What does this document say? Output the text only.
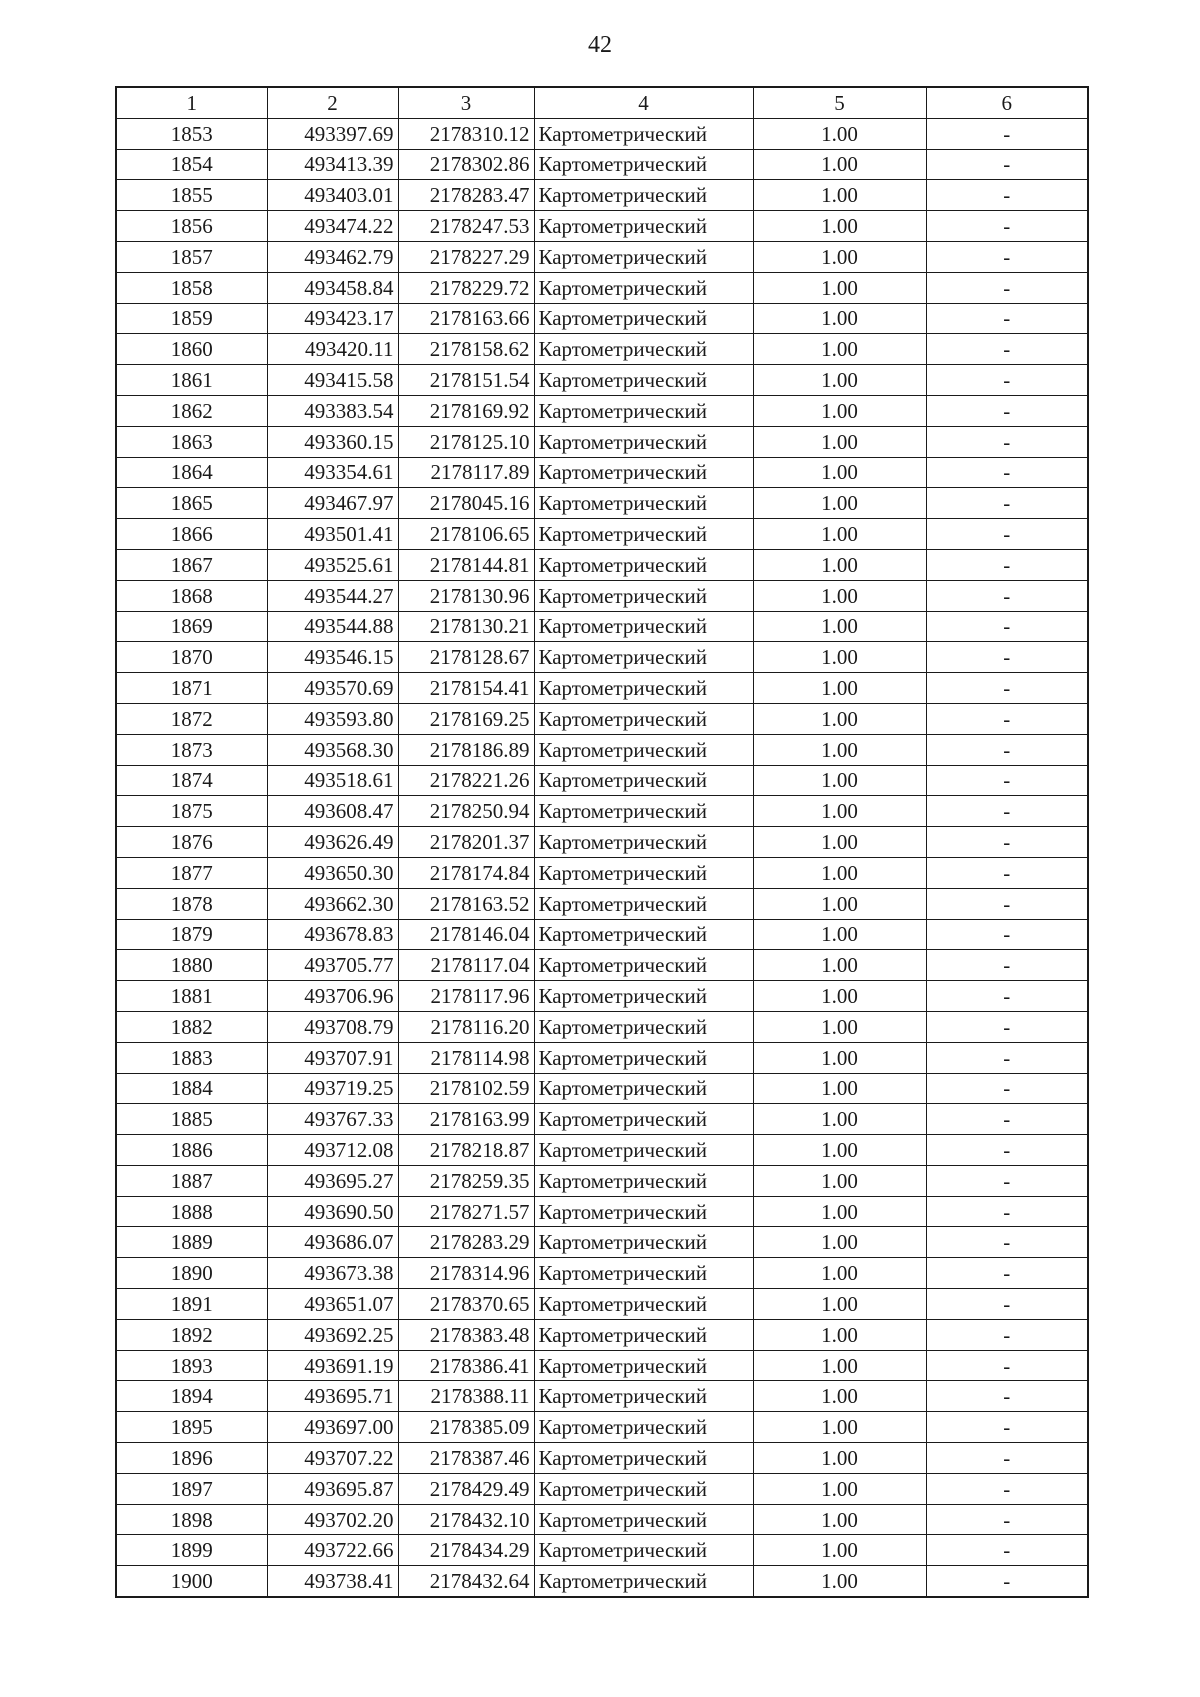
42
1	2	3	4	5	6
1853	493397.69	2178310.12	Картометрический	1.00	-
1854	493413.39	2178302.86	Картометрический	1.00	-
1855	493403.01	2178283.47	Картометрический	1.00	-
1856	493474.22	2178247.53	Картометрический	1.00	-
1857	493462.79	2178227.29	Картометрический	1.00	-
1858	493458.84	2178229.72	Картометрический	1.00	-
1859	493423.17	2178163.66	Картометрический	1.00	-
1860	493420.11	2178158.62	Картометрический	1.00	-
1861	493415.58	2178151.54	Картометрический	1.00	-
1862	493383.54	2178169.92	Картометрический	1.00	-
1863	493360.15	2178125.10	Картометрический	1.00	-
1864	493354.61	2178117.89	Картометрический	1.00	-
1865	493467.97	2178045.16	Картометрический	1.00	-
1866	493501.41	2178106.65	Картометрический	1.00	-
1867	493525.61	2178144.81	Картометрический	1.00	-
1868	493544.27	2178130.96	Картометрический	1.00	-
1869	493544.88	2178130.21	Картометрический	1.00	-
1870	493546.15	2178128.67	Картометрический	1.00	-
1871	493570.69	2178154.41	Картометрический	1.00	-
1872	493593.80	2178169.25	Картометрический	1.00	-
1873	493568.30	2178186.89	Картометрический	1.00	-
1874	493518.61	2178221.26	Картометрический	1.00	-
1875	493608.47	2178250.94	Картометрический	1.00	-
1876	493626.49	2178201.37	Картометрический	1.00	-
1877	493650.30	2178174.84	Картометрический	1.00	-
1878	493662.30	2178163.52	Картометрический	1.00	-
1879	493678.83	2178146.04	Картометрический	1.00	-
1880	493705.77	2178117.04	Картометрический	1.00	-
1881	493706.96	2178117.96	Картометрический	1.00	-
1882	493708.79	2178116.20	Картометрический	1.00	-
1883	493707.91	2178114.98	Картометрический	1.00	-
1884	493719.25	2178102.59	Картометрический	1.00	-
1885	493767.33	2178163.99	Картометрический	1.00	-
1886	493712.08	2178218.87	Картометрический	1.00	-
1887	493695.27	2178259.35	Картометрический	1.00	-
1888	493690.50	2178271.57	Картометрический	1.00	-
1889	493686.07	2178283.29	Картометрический	1.00	-
1890	493673.38	2178314.96	Картометрический	1.00	-
1891	493651.07	2178370.65	Картометрический	1.00	-
1892	493692.25	2178383.48	Картометрический	1.00	-
1893	493691.19	2178386.41	Картометрический	1.00	-
1894	493695.71	2178388.11	Картометрический	1.00	-
1895	493697.00	2178385.09	Картометрический	1.00	-
1896	493707.22	2178387.46	Картометрический	1.00	-
1897	493695.87	2178429.49	Картометрический	1.00	-
1898	493702.20	2178432.10	Картометрический	1.00	-
1899	493722.66	2178434.29	Картометрический	1.00	-
1900	493738.41	2178432.64	Картометрический	1.00	-
